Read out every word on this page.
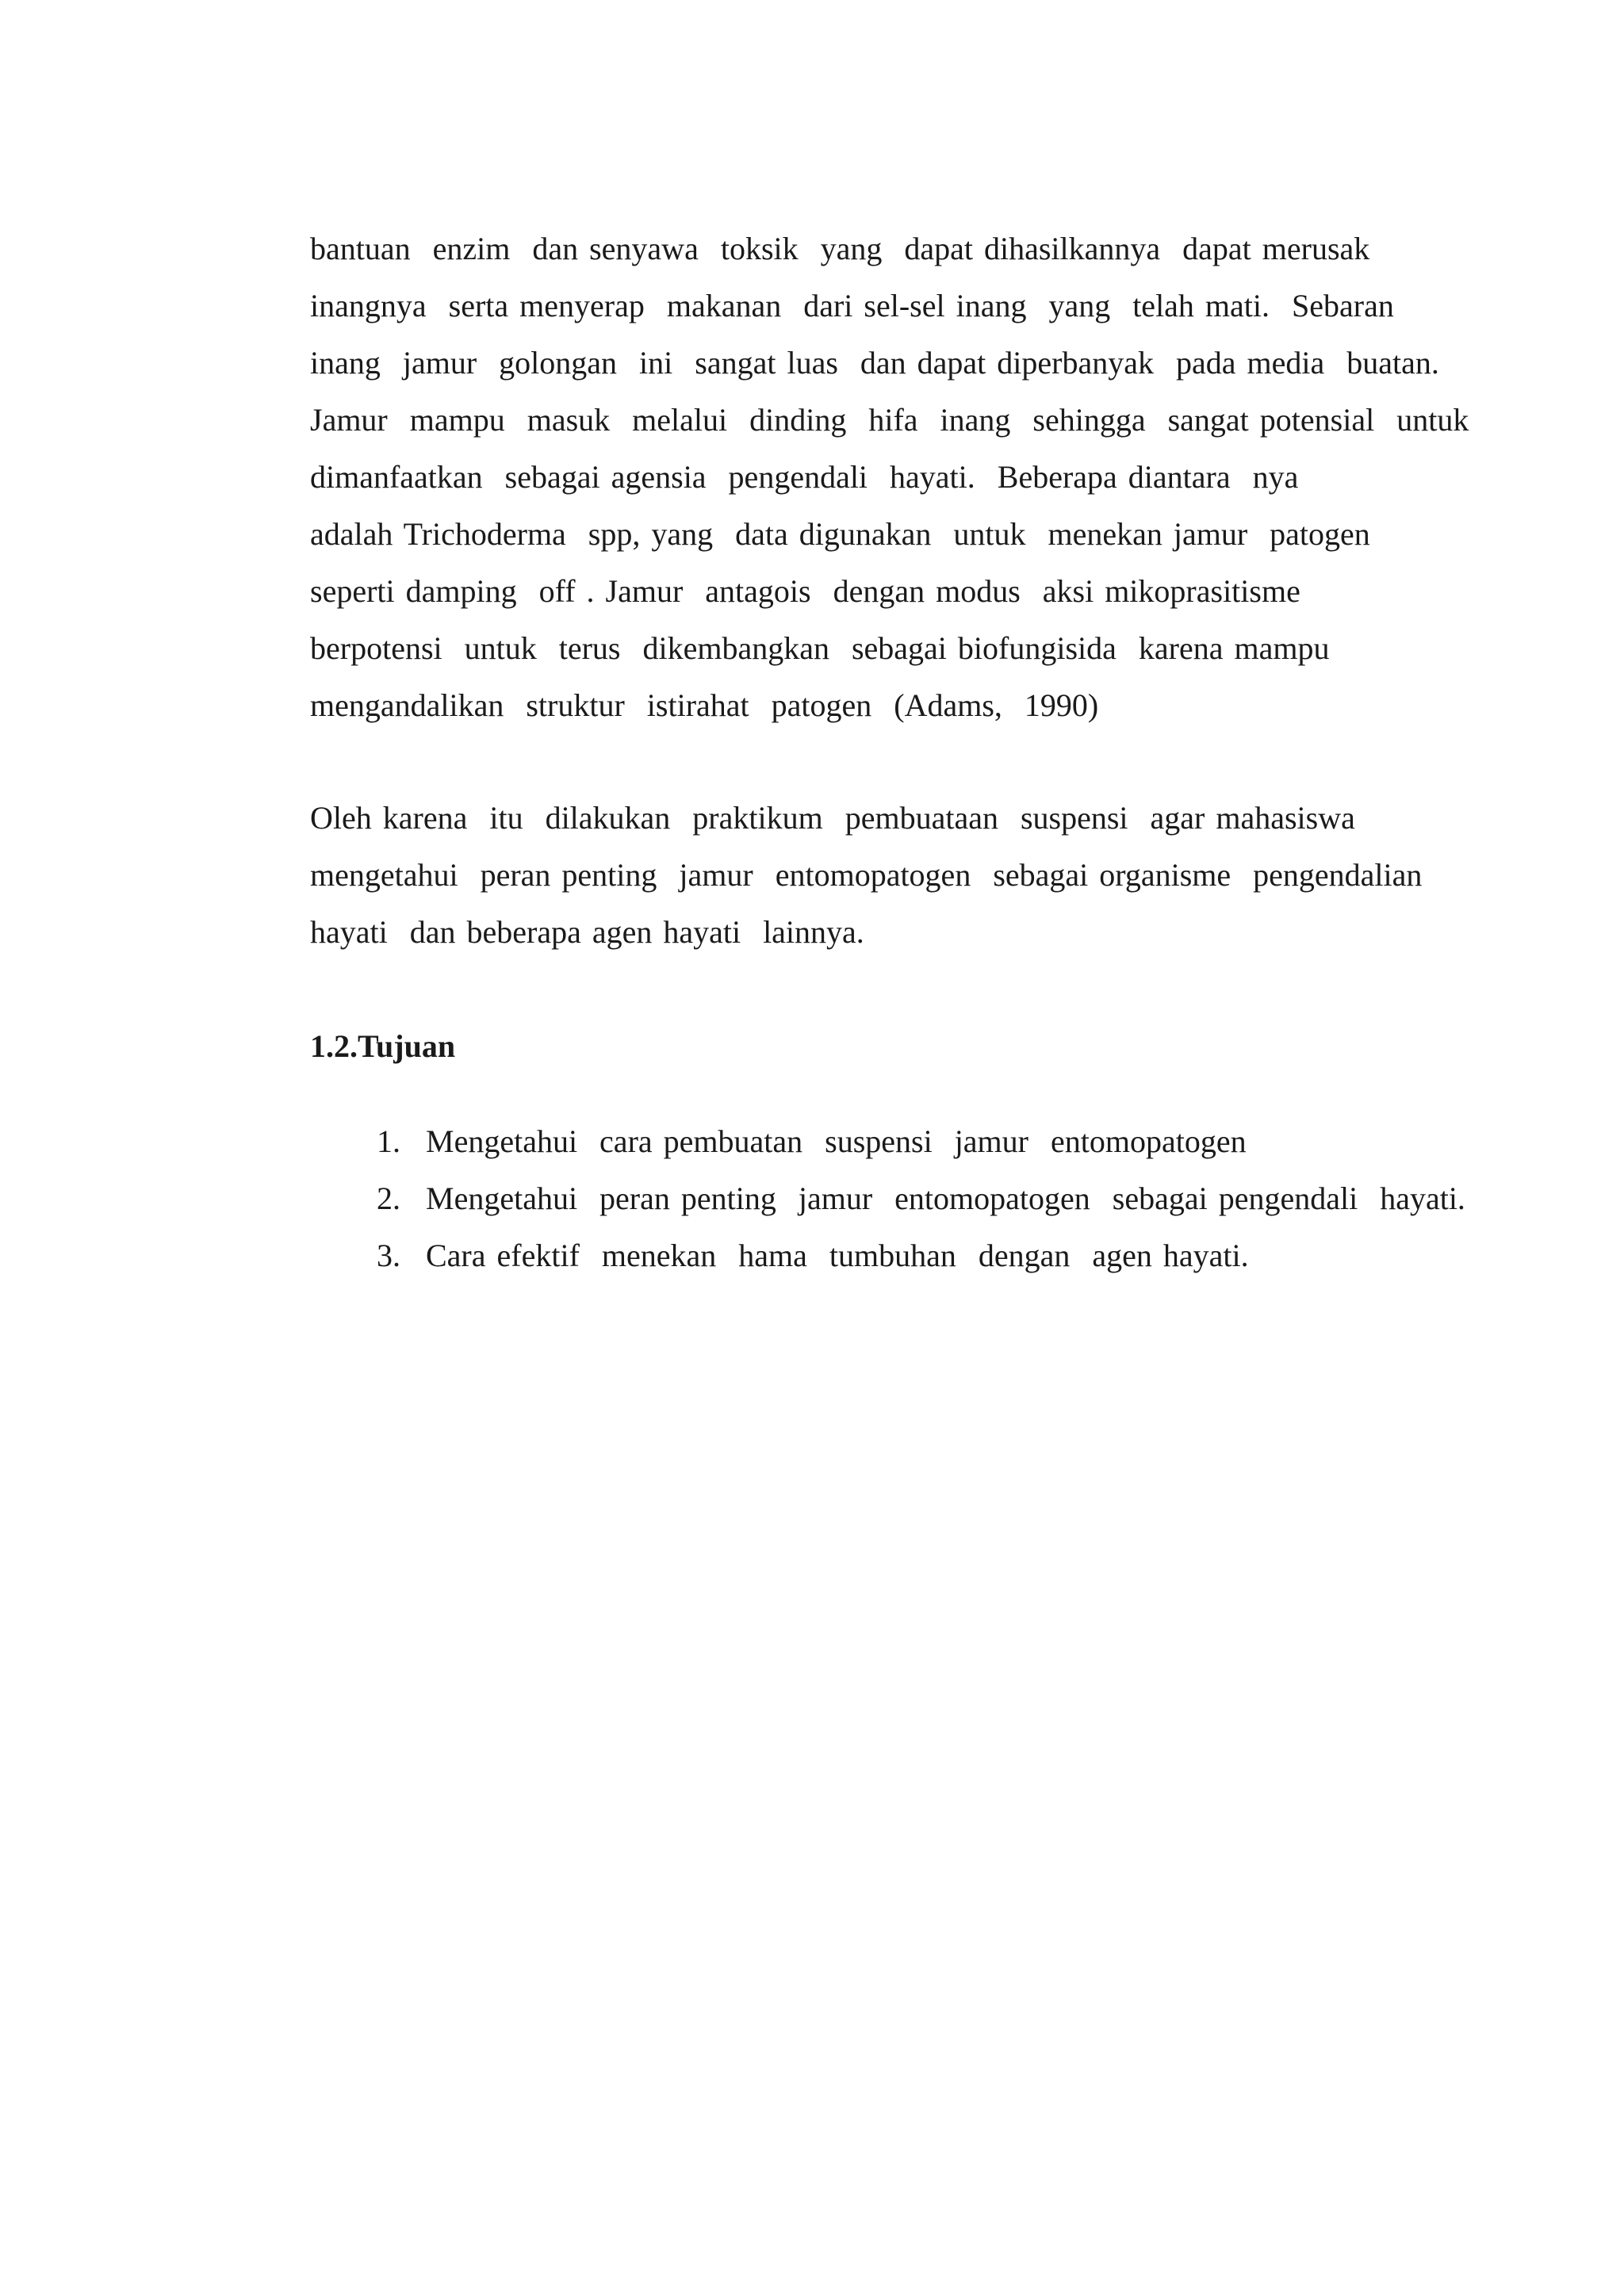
bantuan  enzim  dan senyawa  toksik  yang  dapat dihasilkannya  dapat merusak
inangnya  serta menyerap  makanan  dari sel-sel inang  yang  telah mati.  Sebaran
inang  jamur  golongan  ini  sangat luas  dan dapat diperbanyak  pada media  buatan.
Jamur  mampu  masuk  melalui  dinding  hifa  inang  sehingga  sangat potensial  untuk
dimanfaatkan  sebagai agensia  pengendali  hayati.  Beberapa diantara  nya
adalah Trichoderma  spp, yang  data digunakan  untuk  menekan jamur  patogen
seperti damping  off . Jamur  antagois  dengan modus  aksi mikoprasitisme
berpotensi  untuk  terus  dikembangkan  sebagai biofungisida  karena mampu
mengandalikan  struktur  istirahat  patogen  (Adams,  1990)
Oleh karena  itu  dilakukan  praktikum  pembuataan  suspensi  agar mahasiswa
mengetahui  peran penting  jamur  entomopatogen  sebagai organisme  pengendalian
hayati  dan beberapa agen hayati  lainnya.
1.2.Tujuan

1. Mengetahui  cara pembuatan  suspensi  jamur  entomopatogen

2. Mengetahui  peran penting  jamur  entomopatogen  sebagai pengendali  hayati.

3. Cara efektif  menekan  hama  tumbuhan  dengan  agen hayati.
